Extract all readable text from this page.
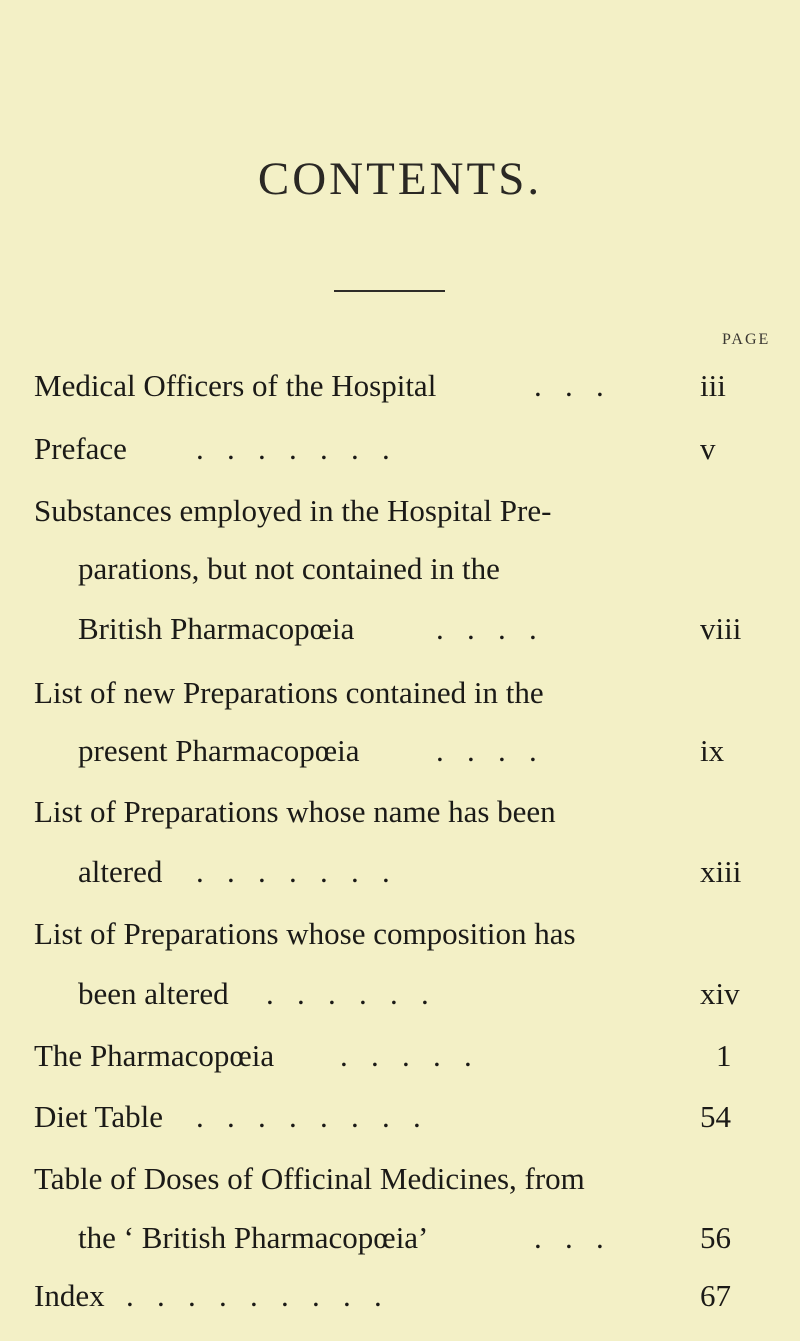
CONTENTS.
PAGE
Medical Officers of the Hospital	.   .   .	iii
Preface .   .   .   .   .   .   .	v
Substances employed in the Hospital Pre-
parations, but not contained in the
British Pharmacopœia	.   .   .   .	viii
List of new Preparations contained in the
present Pharmacopœia .   .   .   .	ix
List of Preparations whose name has been
altered .   .   .   .   .   .   .	xiii
List of Preparations whose composition has
been altered .   .   .   .   .   .	xiv
The Pharmacopœia .   .   .   .   .	1
Diet Table .   .   .   .   .   .   .   .	54
Table of Doses of Officinal Medicines, from
the ‘ British Pharmacopœia’	.   .   .	56
Index .   .   .   .   .   .   .   .   .	67
